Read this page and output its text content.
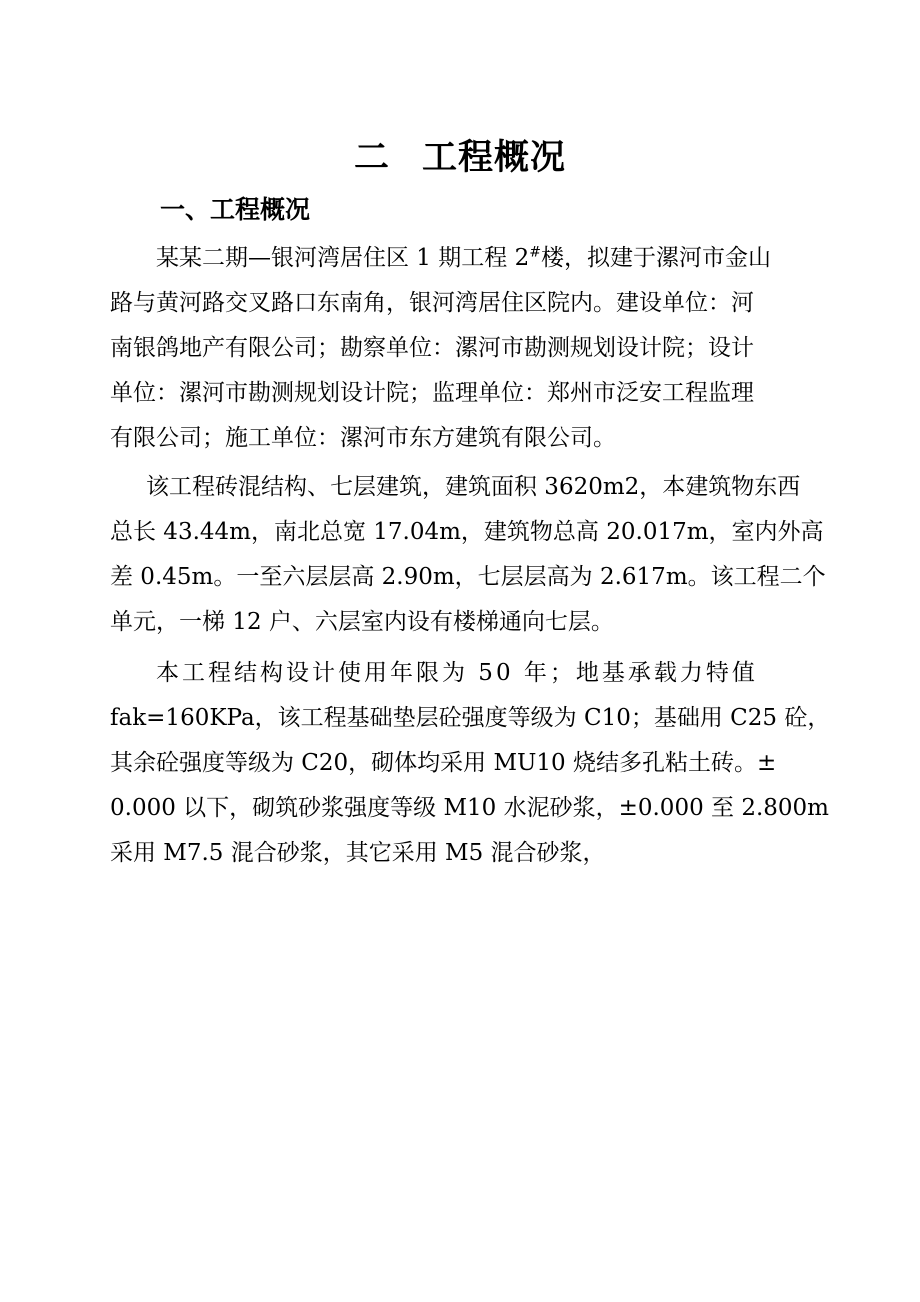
二 工程概况
一、工程概况
某某二期—银河湾居住区 1 期工程 2#楼，拟建于漯河市金山
路与黄河路交叉路口东南角，银河湾居住区院内。建设单位：河
南银鸽地产有限公司；勘察单位：漯河市勘测规划设计院；设计
单位：漯河市勘测规划设计院；监理单位：郑州市泛安工程监理
有限公司；施工单位：漯河市东方建筑有限公司。
该工程砖混结构、七层建筑，建筑面积 3620m2，本建筑物东西
总长 43.44m，南北总宽 17.04m，建筑物总高 20.017m，室内外高
差 0.45m。一至六层层高 2.90m，七层层高为 2.617m。该工程二个
单元，一梯 12 户、六层室内设有楼梯通向七层。
本工程结构设计使用年限为 50 年；地基承载力特值
fak=160KPa，该工程基础垫层砼强度等级为 C10；基础用 C25 砼，
其余砼强度等级为 C20，砌体均采用 MU10 烧结多孔粘土砖。±
0.000 以下，砌筑砂浆强度等级 M10 水泥砂浆，±0.000 至 2.800m
采用 M7.5 混合砂浆，其它采用 M5 混合砂浆，
